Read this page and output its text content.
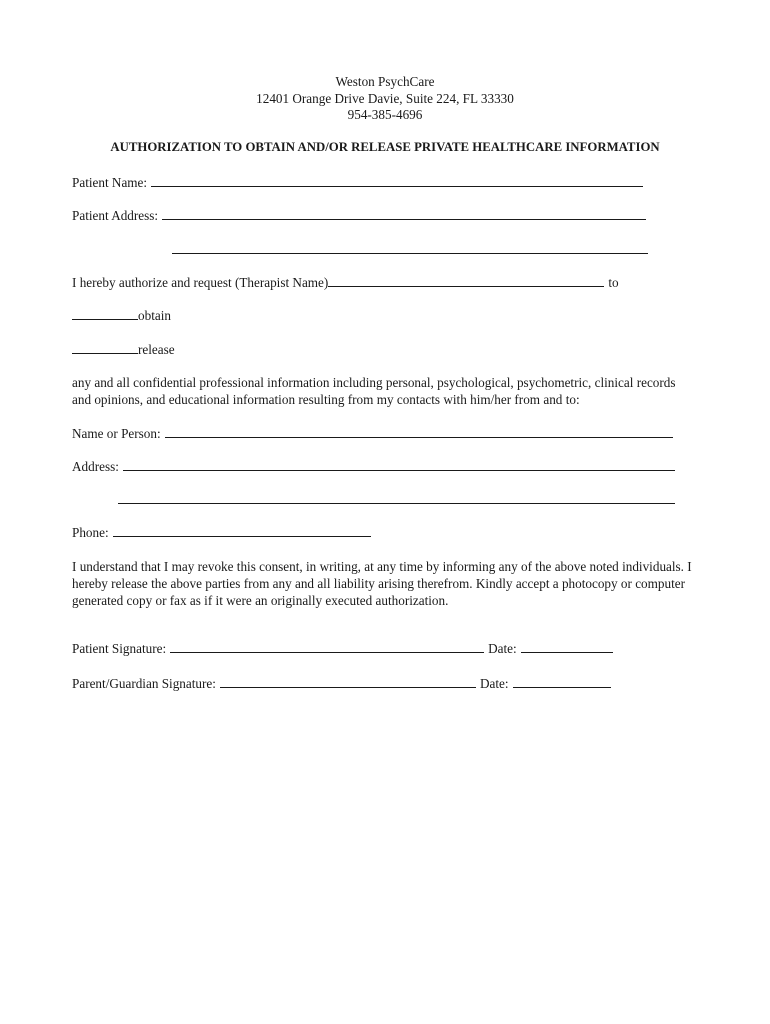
Weston PsychCare
12401 Orange Drive Davie, Suite 224, FL 33330
954-385-4696
AUTHORIZATION TO OBTAIN AND/OR RELEASE PRIVATE HEALTHCARE INFORMATION
Patient Name:
Patient Address:
I hereby authorize and request (Therapist Name)	to
obtain
release
any and all confidential professional information including personal, psychological, psychometric, clinical records and opinions, and educational information resulting from my contacts with him/her from and to:
Name or Person:
Address:
Phone:
I understand that I may revoke this consent, in writing, at any time by informing any of the above noted individuals. I hereby release the above parties from any and all liability arising therefrom. Kindly accept a photocopy or computer generated copy or fax as if it were an originally executed authorization.
Patient Signature:	Date:
Parent/Guardian Signature:	Date:
